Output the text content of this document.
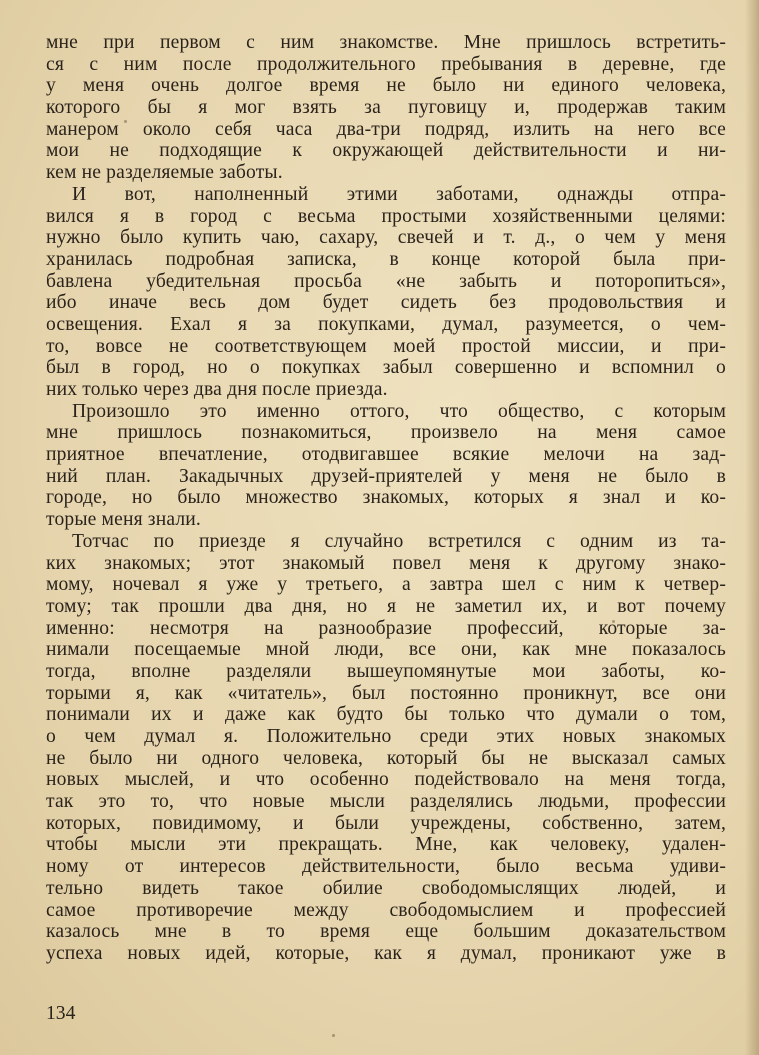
мне при первом с ним знакомстве. Мне пришлось встретить-
ся с ним после продолжительного пребывания в деревне, где
у меня очень долгое время не было ни единого человека,
которого бы я мог взять за пуговицу и, продержав таким
манером около себя часа два-три подряд, излить на него все
мои не подходящие к окружающей действительности и ни-
кем не разделяемые заботы.
И вот, наполненный этими заботами, однажды отпра-
вился я в город с весьма простыми хозяйственными целями:
нужно было купить чаю, сахару, свечей и т. д., о чем у меня
хранилась подробная записка, в конце которой была при-
бавлена убедительная просьба «не забыть и поторопиться»,
ибо иначе весь дом будет сидеть без продовольствия и
освещения. Ехал я за покупками, думал, разумеется, о чем-
то, вовсе не соответствующем моей простой миссии, и при-
был в город, но о покупках забыл совершенно и вспомнил о
них только через два дня после приезда.
Произошло это именно оттого, что общество, с которым
мне пришлось познакомиться, произвело на меня самое
приятное впечатление, отодвигавшее всякие мелочи на зад-
ний план. Закадычных друзей-приятелей у меня не было в
городе, но было множество знакомых, которых я знал и ко-
торые меня знали.
Тотчас по приезде я случайно встретился с одним из та-
ких знакомых; этот знакомый повел меня к другому знако-
мому, ночевал я уже у третьего, а завтра шел с ним к четвер-
тому; так прошли два дня, но я не заметил их, и вот почему
именно: несмотря на разнообразие профессий, которые за-
нимали посещаемые мной люди, все они, как мне показалось
тогда, вполне разделяли вышеупомянутые мои заботы, ко-
торыми я, как «читатель», был постоянно проникнут, все они
понимали их и даже как будто бы только что думали о том,
о чем думал я. Положительно среди этих новых знакомых
не было ни одного человека, который бы не высказал самых
новых мыслей, и что особенно подействовало на меня тогда,
так это то, что новые мысли разделялись людьми, профессии
которых, повидимому, и были учреждены, собственно, затем,
чтобы мысли эти прекращать. Мне, как человеку, удален-
ному от интересов действительности, было весьма удиви-
тельно видеть такое обилие свободомыслящих людей, и
самое противоречие между свободомыслием и профессией
казалось мне в то время еще большим доказательством
успеха новых идей, которые, как я думал, проникают уже в
134
